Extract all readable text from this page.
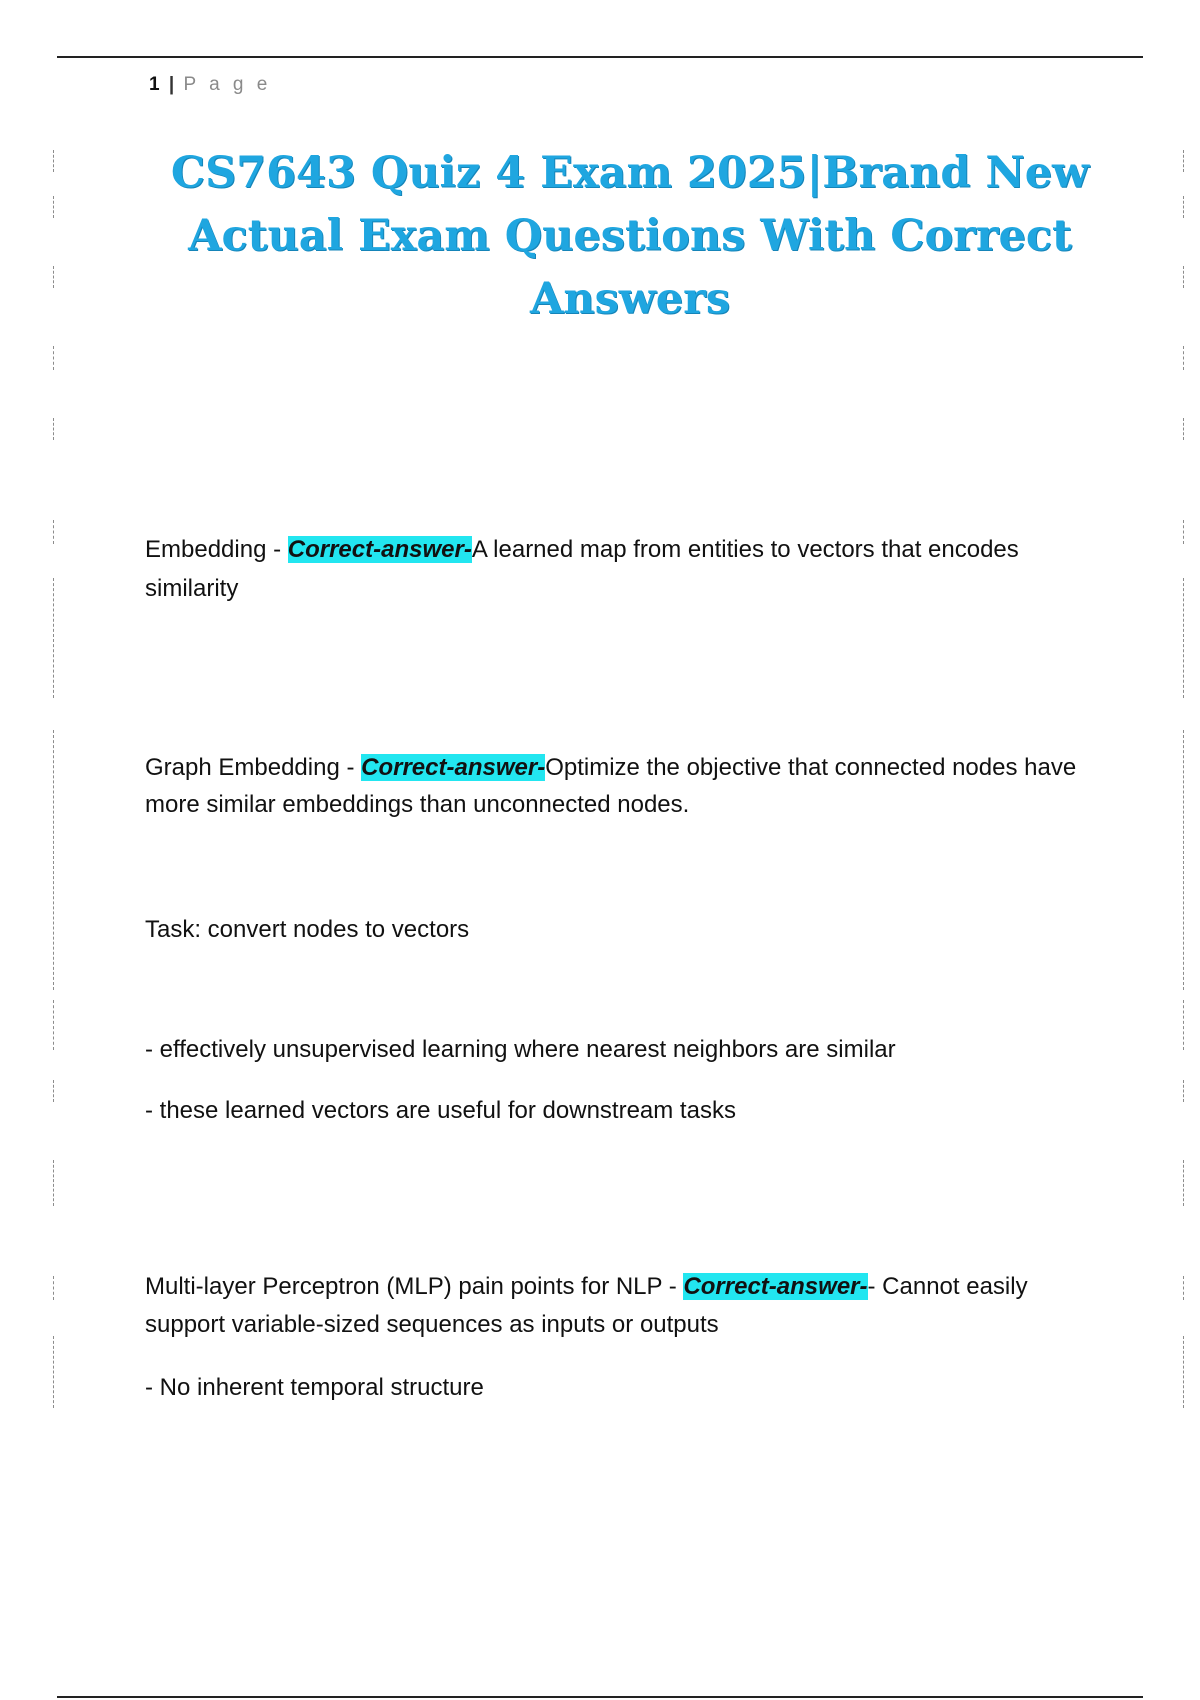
1 | P a g e
CS7643 Quiz 4 Exam 2025|Brand New Actual Exam Questions With Correct Answers
Embedding - Correct-answer-A learned map from entities to vectors that encodes similarity
Graph Embedding - Correct-answer-Optimize the objective that connected nodes have more similar embeddings than unconnected nodes.
Task: convert nodes to vectors
- effectively unsupervised learning where nearest neighbors are similar
- these learned vectors are useful for downstream tasks
Multi-layer Perceptron (MLP) pain points for NLP - Correct-answer-- Cannot easily support variable-sized sequences as inputs or outputs
- No inherent temporal structure
